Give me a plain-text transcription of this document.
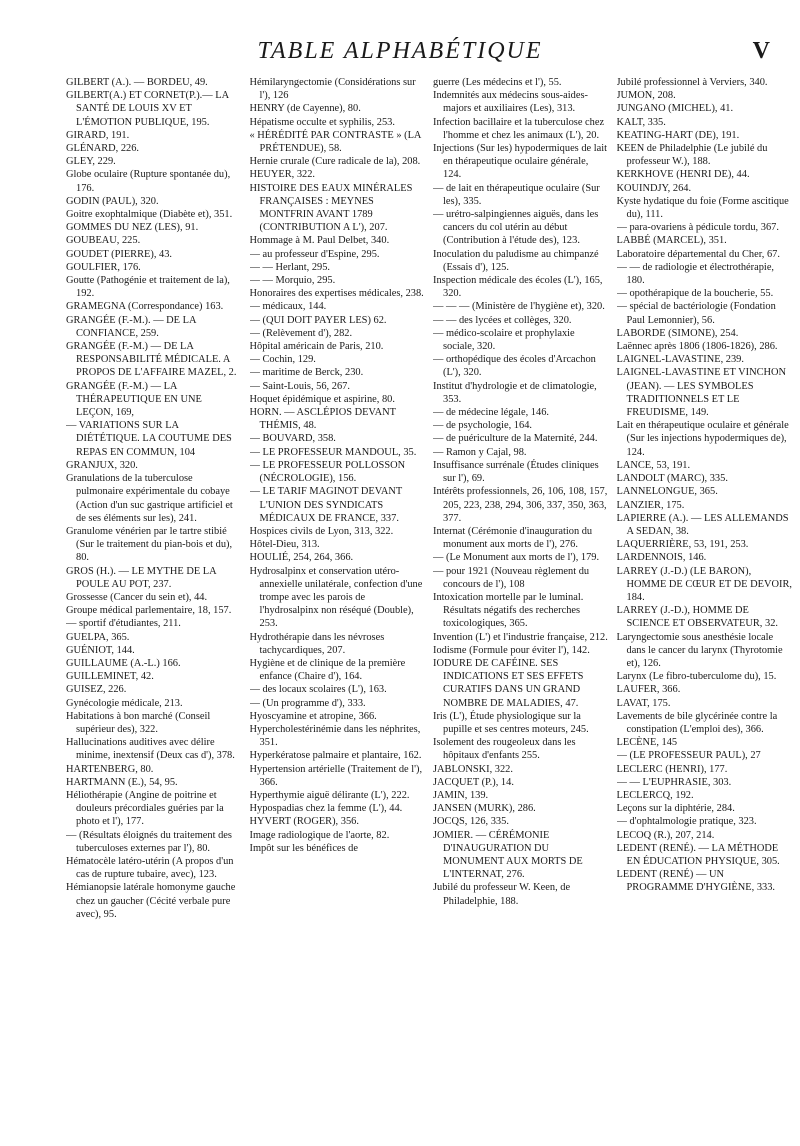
TABLE ALPHABÉTIQUE	V

GILBERT (A.). — BORDEU, 49.

GILBERT(A.) ET CORNET(P.).— LA SANTÉ DE LOUIS XV ET L'ÉMOTION PUBLIQUE, 195.

GIRARD, 191.

GLÉNARD, 226.

GLEY, 229.

Globe oculaire (Rupture spontanée du), 176.

GODIN (PAUL), 320.

Goitre exophtalmique (Diabète et), 351.

GOMMES DU NEZ (LES), 91.

GOUBEAU, 225.

GOUDET (PIERRE), 43.

GOULFIER, 176.

Goutte (Pathogénie et traitement de la), 192.

GRAMEGNA (Correspondance) 163.

GRANGÉE (F.-M.). — DE LA CONFIANCE, 259.

GRANGÉE (F.-M.) — DE LA RESPONSABILITÉ MÉDICALE. A PROPOS DE L'AFFAIRE MAZEL, 2.

GRANGÉE (F.-M.) — LA THÉRAPEUTIQUE EN UNE LEÇON, 169,

— VARIATIONS SUR LA DIÉTÉTIQUE. LA COUTUME DES REPAS EN COMMUN, 104

GRANJUX, 320.

Granulations de la tuberculose pulmonaire expérimentale du cobaye (Action d'un suc gastrique artificiel et de ses éléments sur les), 241.

Granulome vénérien par le tartre stibié (Sur le traitement du pian-bois et du), 80.

GROS (H.). — LE MYTHE DE LA POULE AU POT, 237.

Grossesse (Cancer du sein et), 44.

Groupe médical parlementaire, 18, 157.

— sportif d'étudiantes, 211.

GUELPA, 365.

GUÉNIOT, 144.

GUILLAUME (A.-L.) 166.

GUILLEMINET, 42.

GUISEZ, 226.

Gynécologie médicale, 213.

Habitations à bon marché (Conseil supérieur des), 322.

Hallucinations auditives avec délire minime, inextensif (Deux cas d'), 378.

HARTENBERG, 80.

HARTMANN (E.), 54, 95.

Héliothérapie (Angine de poitrine et douleurs précordiales guéries par la photo et l'), 177.

— (Résultats éloignés du traitement des tuberculoses externes par l'), 80.

Hématocèle latéro-utérin (A propos d'un cas de rupture tubaire, avec), 123.

Hémianopsie latérale homonyme gauche chez un gaucher (Cécité verbale pure avec), 95.

Hémilaryngectomie (Considérations sur l'), 126

HENRY (de Cayenne), 80.

Hépatisme occulte et syphilis, 253.

« HÉRÉDITÉ PAR CONTRASTE » (LA PRÉTENDUE), 58.

Hernie crurale (Cure radicale de la), 208.

HEUYER, 322.

HISTOIRE DES EAUX MINÉRALES FRANÇAISES : MEYNES MONTFRIN AVANT 1789 (CONTRIBUTION A L'), 207.

Hommage à M. Paul Delbet, 340.

— au professeur d'Espine, 295.

— — Herlant, 295.

— — Morquio, 295.

Honoraires des expertises médicales, 238.

— médicaux, 144.

— (QUI DOIT PAYER LES) 62.

— (Relèvement d'), 282.

Hôpital américain de Paris, 210.

— Cochin, 129.

— maritime de Berck, 230.

— Saint-Louis, 56, 267.

Hoquet épidémique et aspirine, 80.

HORN. — ASCLÉPIOS DEVANT THÉMIS, 48.

— BOUVARD, 358.

— LE PROFESSEUR MANDOUL, 35.

— LE PROFESSEUR POLLOSSON (NÉCROLOGIE), 156.

— LE TARIF MAGINOT DEVANT L'UNION DES SYNDICATS MÉDICAUX DE FRANCE, 337.

Hospices civils de Lyon, 313, 322.

Hôtel-Dieu, 313.

HOULIÉ, 254, 264, 366.

Hydrosalpinx et conservation utéro-annexielle unilatérale, confection d'une trompe avec les parois de l'hydrosalpinx non réséqué (Double), 253.

Hydrothérapie dans les névroses tachycardiques, 207.

Hygiène et de clinique de la première enfance (Chaire d'), 164.

— des locaux scolaires (L'), 163.

— (Un programme d'), 333.

Hyoscyamine et atropine, 366.

Hypercholestérinémie dans les néphrites, 351.

Hyperkératose palmaire et plantaire, 162.

Hypertension artérielle (Traitement de l'), 366.

Hyperthymie aiguë délirante (L'), 222.

Hypospadias chez la femme (L'), 44.

HYVERT (ROGER), 356.

Image radiologique de l'aorte, 82.

Impôt sur les bénéfices de

guerre (Les médecins et l'), 55.

Indemnités aux médecins sous-aides-majors et auxiliaires (Les), 313.

Infection bacillaire et la tuberculose chez l'homme et chez les animaux (L'), 20.

Injections (Sur les) hypodermiques de lait en thérapeutique oculaire générale, 124.

— de lait en thérapeutique oculaire (Sur les), 335.

— urétro-salpingiennes aiguës, dans les cancers du col utérin au début (Contribution à l'étude des), 123.

Inoculation du paludisme au chimpanzé (Essais d'), 125.

Inspection médicale des écoles (L'), 165, 320.

— — — (Ministère de l'hygiène et), 320.

— — des lycées et collèges, 320.

— médico-scolaire et prophylaxie sociale, 320.

— orthopédique des écoles d'Arcachon (L'), 320.

Institut d'hydrologie et de climatologie, 353.

— de médecine légale, 146.

— de psychologie, 164.

— de puériculture de la Maternité, 244.

— Ramon y Cajal, 98.

Insuffisance surrénale (Études cliniques sur l'), 69.

Intérêts professionnels, 26, 106, 108, 157, 205, 223, 238, 294, 306, 337, 350, 363, 377.

Internat (Cérémonie d'inauguration du monument aux morts de l'), 276.

— (Le Monument aux morts de l'), 179.

— pour 1921 (Nouveau règlement du concours de l'), 108

Intoxication mortelle par le luminal. Résultats négatifs des recherches toxicologiques, 365.

Invention (L') et l'industrie française, 212.

Iodisme (Formule pour éviter l'), 142.

IODURE DE CAFÉINE. SES INDICATIONS ET SES EFFETS CURATIFS DANS UN GRAND NOMBRE DE MALADIES, 47.

Iris (L'), Étude physiologique sur la pupille et ses centres moteurs, 245.

Isolement des rougeoleux dans les hôpitaux d'enfants 255.

JABLONSKI, 322.

JACQUET (P.), 14.

JAMIN, 139.

JANSEN (MURK), 286.

JOCQS, 126, 335.

JOMIER. — CÉRÉMONIE D'INAUGURATION DU MONUMENT AUX MORTS DE L'INTERNAT, 276.

Jubilé du professeur W. Keen, de Philadelphie, 188.

Jubilé professionnel à Verviers, 340.

JUMON, 208.

JUNGANO (MICHEL), 41.

KALT, 335.

KEATING-HART (DE), 191.

KEEN de Philadelphie (Le jubilé du professeur W.), 188.

KERKHOVE (HENRI DE), 44.

KOUINDJY, 264.

Kyste hydatique du foie (Forme ascitique du), 111.

— para-ovariens à pédicule tordu, 367.

LABBÉ (MARCEL), 351.

Laboratoire départemental du Cher, 67.

— — de radiologie et électrothérapie, 180.

— opothérapique de la boucherie, 55.

— spécial de bactériologie (Fondation Paul Lemonnier), 56.

LABORDE (SIMONE), 254.

Laënnec après 1806 (1806-1826), 286.

LAIGNEL-LAVASTINE, 239.

LAIGNEL-LAVASTINE ET VINCHON (JEAN). — LES SYMBOLES TRADITIONNELS ET LE FREUDISME, 149.

Lait en thérapeutique oculaire et générale (Sur les injections hypodermiques de), 124.

LANCE, 53, 191.

LANDOLT (MARC), 335.

LANNELONGUE, 365.

LANZIER, 175.

LAPIERRE (A.). — LES ALLEMANDS A SEDAN, 38.

LAQUERRIÈRE, 53, 191, 253.

LARDENNOIS, 146.

LARREY (J.-D.) (LE BARON), HOMME DE CŒUR ET DE DEVOIR, 184.

LARREY (J.-D.), HOMME DE SCIENCE ET OBSERVATEUR, 32.

Laryngectomie sous anesthésie locale dans le cancer du larynx (Thyrotomie et), 126.

Larynx (Le fibro-tuberculome du), 15.

LAUFER, 366.

LAVAT, 175.

Lavements de bile glycérinée contre la constipation (L'emploi des), 366.

LECÈNE, 145

— (LE PROFESSEUR PAUL), 27

LECLERC (HENRI), 177.

— — L'EUPHRASIE, 303.

LECLERCQ, 192.

Leçons sur la diphtérie, 284.

— d'ophtalmologie pratique, 323.

LECOQ (R.), 207, 214.

LEDENT (RENÉ). — LA MÉTHODE EN ÉDUCATION PHYSIQUE, 305.

LEDENT (RENÉ) — UN PROGRAMME D'HYGIÈNE, 333.
